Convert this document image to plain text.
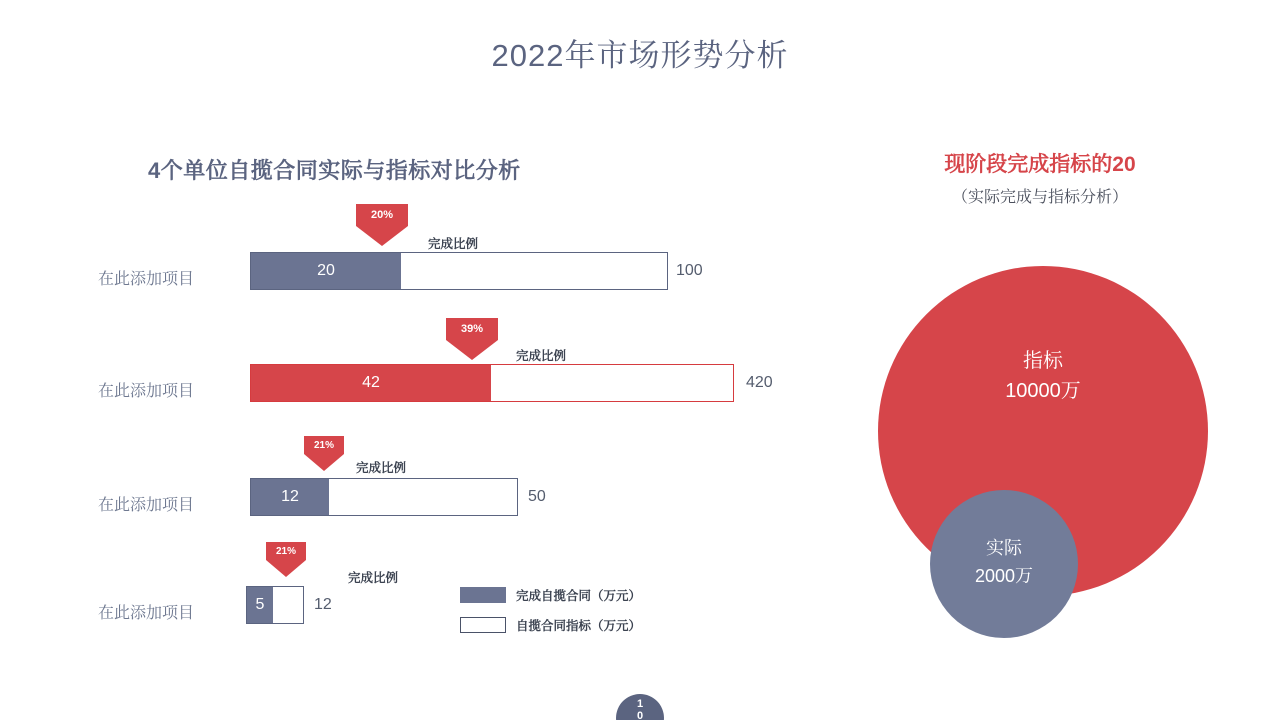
2022年市场形势分析
4个单位自揽合同实际与指标对比分析
在此添加项目
20%
完成比例
20	100
在此添加项目
39%
完成比例
42	420
在此添加项目
21%
完成比例
12	50
在此添加项目
21%
完成比例
5	12	完成自揽合同（万元）
自揽合同指标（万元）
现阶段完成指标的20
（实际完成与指标分析）
指标
10000万
实际
2000万
1
0
